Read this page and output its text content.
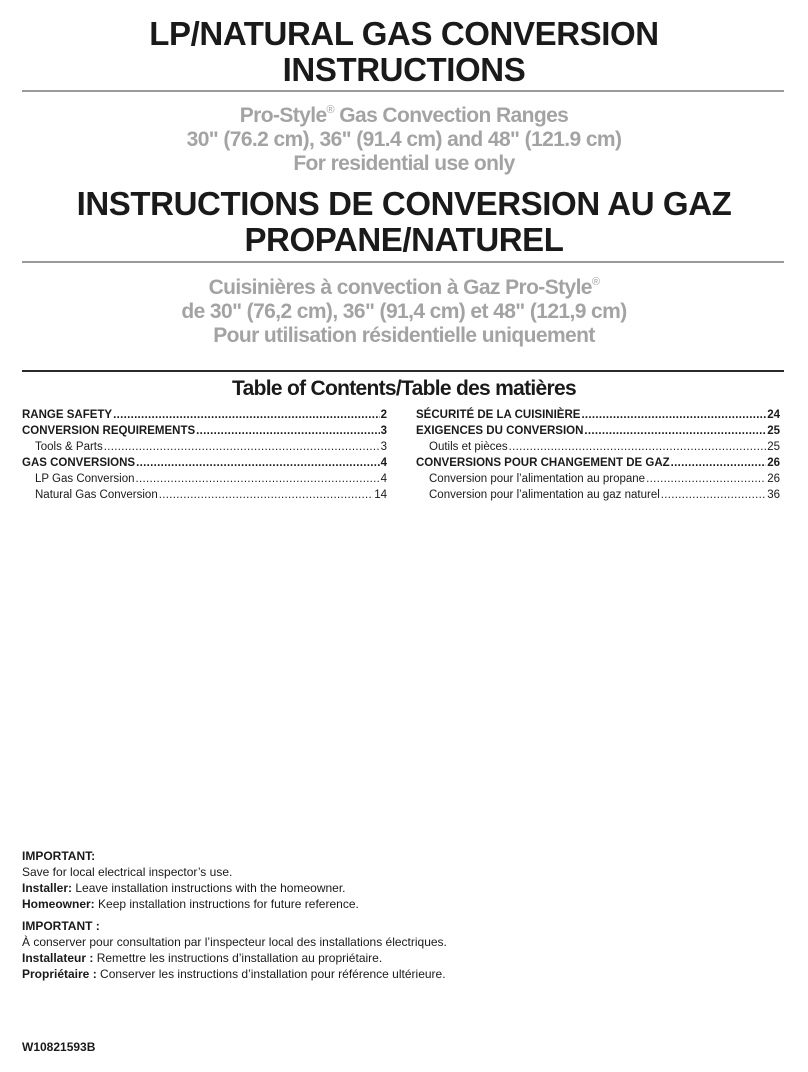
LP/NATURAL GAS CONVERSION
INSTRUCTIONS
Pro-Style® Gas Convection Ranges
30" (76.2 cm), 36" (91.4 cm) and 48" (121.9 cm)
For residential use only
INSTRUCTIONS DE CONVERSION AU GAZ
PROPANE/NATUREL
Cuisinières à convection à Gaz Pro-Style®
de 30" (76,2 cm), 36" (91,4 cm) et 48" (121,9 cm)
Pour utilisation résidentielle uniquement
Table of Contents/Table des matières
RANGE SAFETY .....	2
CONVERSION REQUIREMENTS .....	3
Tools & Parts .....	3
GAS CONVERSIONS .....	4
LP Gas Conversion .....	4
Natural Gas Conversion .....	14
SÉCURITÉ DE LA CUISINIÈRE .....	24
EXIGENCES DU CONVERSION .....	25
Outils et pièces .....	25
CONVERSIONS POUR CHANGEMENT DE GAZ .....	26
Conversion pour l’alimentation au propane .....	26
Conversion pour l’alimentation au gaz naturel .....	36

IMPORTANT:

Save for local electrical inspector’s use.

Installer: Leave installation instructions with the homeowner.

Homeowner: Keep installation instructions for future reference.

IMPORTANT :

À conserver pour consultation par l’inspecteur local des installations électriques.

Installateur : Remettre les instructions d’installation au propriétaire.

Propriétaire : Conserver les instructions d’installation pour référence ultérieure.

W10821593B
